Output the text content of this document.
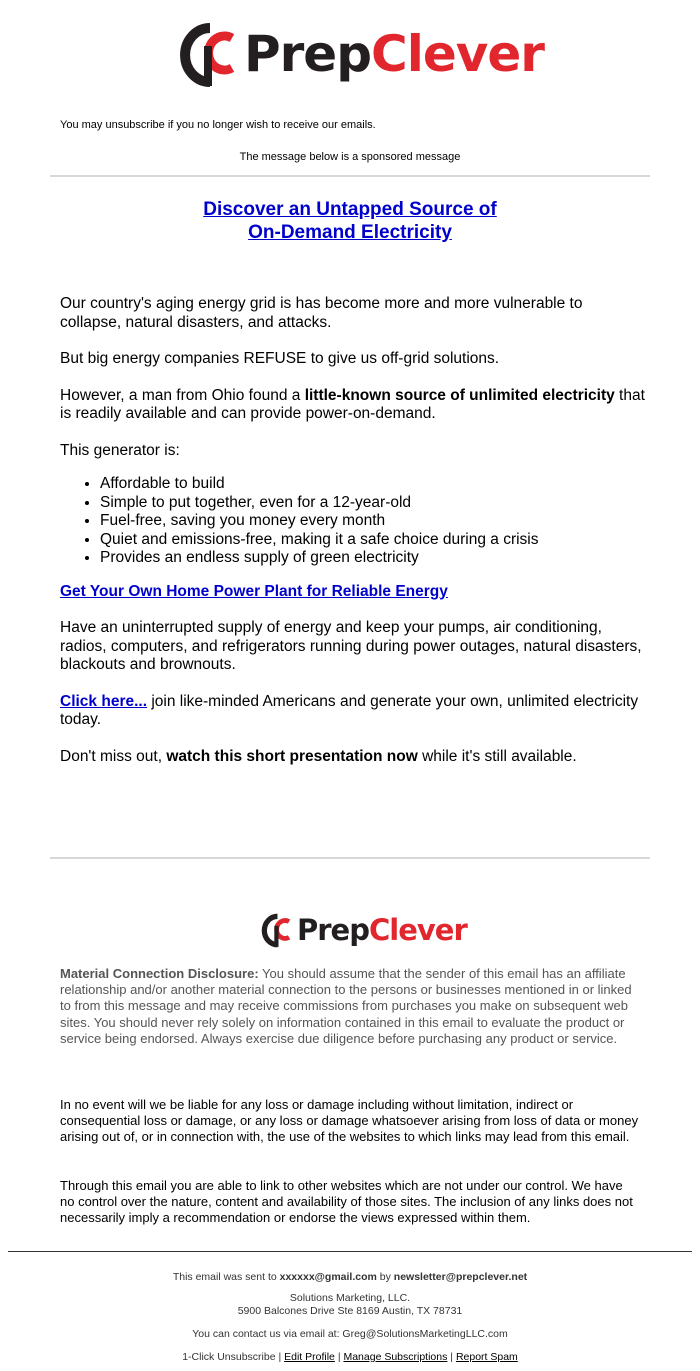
Prep Clever
You may unsubscribe if you no longer wish to receive our emails.
The message below is a sponsored message
Discover an Untapped Source of
On-Demand Electricity

Our country's aging energy grid is has become more and more vulnerable to collapse, natural disasters, and attacks.

But big energy companies REFUSE to give us off-grid solutions.

However, a man from Ohio found a little-known source of unlimited electricity that is readily available and can provide power-on-demand.

This generator is:

• Affordable to build
• Simple to put together, even for a 12-year-old
• Fuel-free, saving you money every month
• Quiet and emissions-free, making it a safe choice during a crisis
• Provides an endless supply of green electricity

Get Your Own Home Power Plant for Reliable Energy

Have an uninterrupted supply of energy and keep your pumps, air conditioning, radios, computers, and refrigerators running during power outages, natural disasters, blackouts and brownouts.

Click here... join like-minded Americans and generate your own, unlimited electricity today.

Don't miss out, watch this short presentation now while it's still available.

Prep Clever
Material Connection Disclosure: You should assume that the sender of this email has an affiliate relationship and/or another material connection to the persons or businesses mentioned in or linked to from this message and may receive commissions from purchases you make on subsequent web sites. You should never rely solely on information contained in this email to evaluate the product or service being endorsed. Always exercise due diligence before purchasing any product or service.
In no event will we be liable for any loss or damage including without limitation, indirect or consequential loss or damage, or any loss or damage whatsoever arising from loss of data or money arising out of, or in connection with, the use of the websites to which links may lead from this email.
Through this email you are able to link to other websites which are not under our control. We have no control over the nature, content and availability of those sites. The inclusion of any links does not necessarily imply a recommendation or endorse the views expressed within them.
This email was sent to xxxxxx@gmail.com by newsletter@prepclever.net
Solutions Marketing, LLC.
5900 Balcones Drive Ste 8169 Austin, TX 78731
You can contact us via email at: Greg@SolutionsMarketingLLC.com
1-Click Unsubscribe | Edit Profile | Manage Subscriptions | Report Spam
